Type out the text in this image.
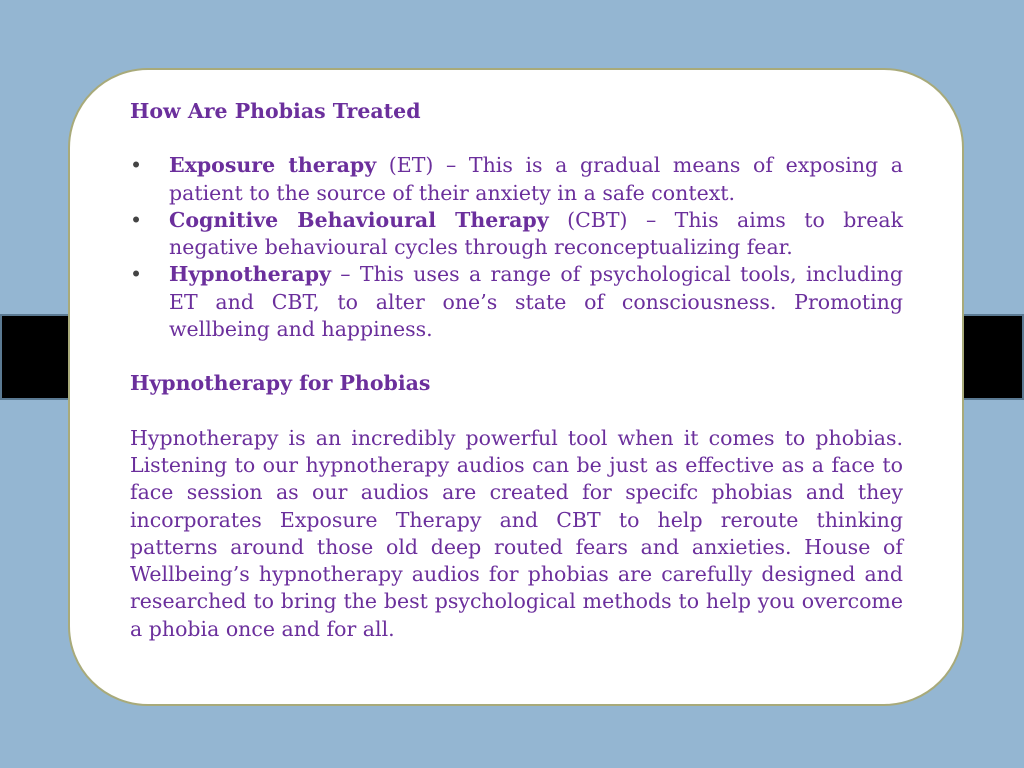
How Are Phobias Treated

• Exposure therapy (ET) – This is a gradual means of exposing a patient to the source of their anxiety in a safe context.
• Cognitive Behavioural Therapy (CBT) – This aims to break negative behavioural cycles through reconceptualizing fear.
• Hypnotherapy – This uses a range of psychological tools, including ET and CBT, to alter one’s state of consciousness. Promoting wellbeing and happiness.

Hypnotherapy for Phobias

Hypnotherapy is an incredibly powerful tool when it comes to phobias. Listening to our hypnotherapy audios can be just as effective as a face to face session as our audios are created for specifc phobias and they incorporates Exposure Therapy and CBT to help reroute thinking patterns around those old deep routed fears and anxieties. House of Wellbeing’s hypnotherapy audios for phobias are carefully designed and researched to bring the best psychological methods to help you overcome a phobia once and for all.
